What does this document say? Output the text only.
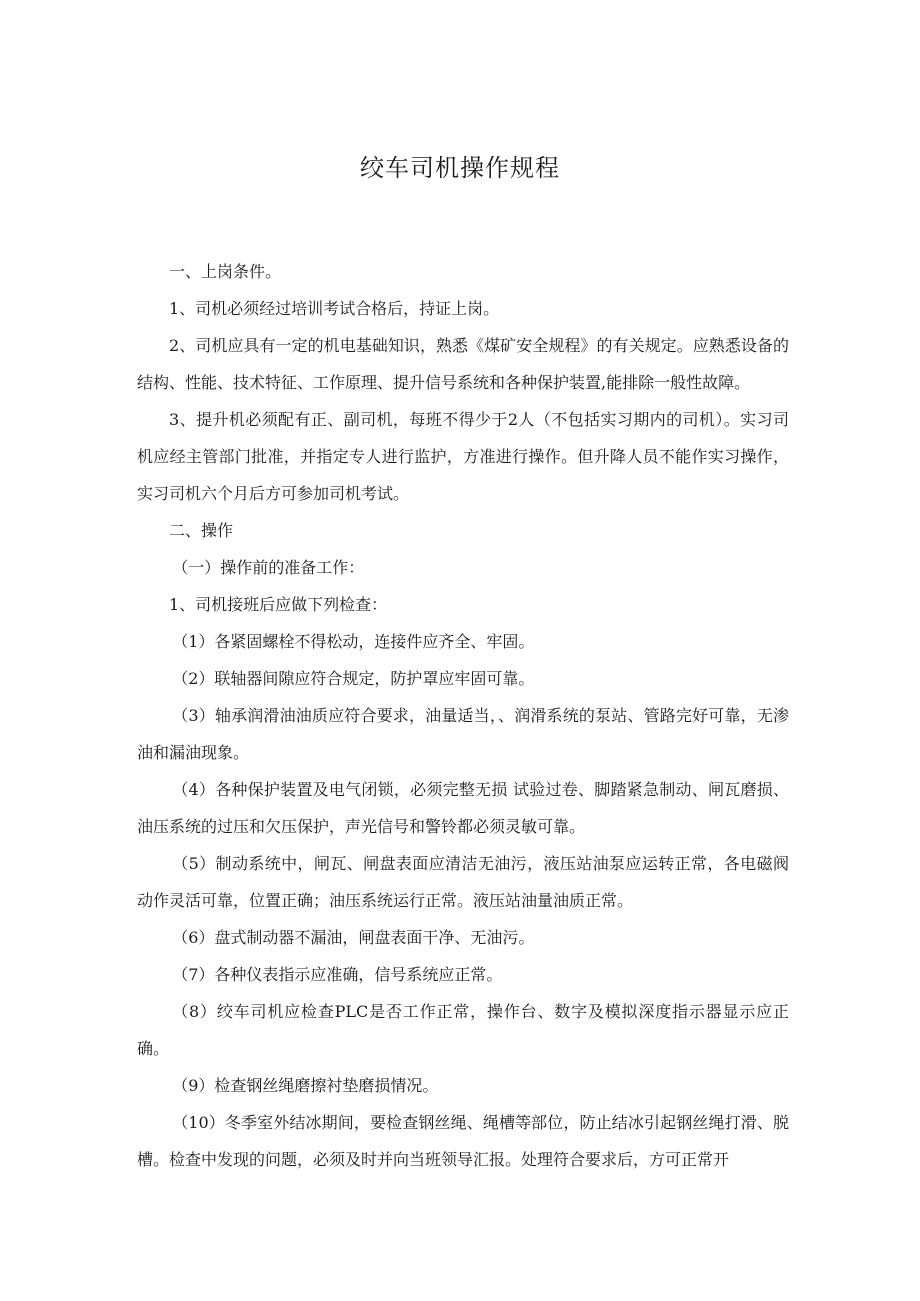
绞车司机操作规程

一、上岗条件。

1、司机必须经过培训考试合格后，持证上岗。

2、司机应具有一定的机电基础知识，熟悉《煤矿安全规程》的有关规定。应熟悉设备的结构、性能、技术特征、工作原理、提升信号系统和各种保护装置,能排除一般性故障。

3、提升机必须配有正、副司机，每班不得少于2人（不包括实习期内的司机）。实习司机应经主管部门批准，并指定专人进行监护，方准进行操作。但升降人员不能作实习操作，实习司机六个月后方可参加司机考试。

二、操作

（一）操作前的准备工作：

1、司机接班后应做下列检查：

（1）各紧固螺栓不得松动，连接件应齐全、牢固。

（2）联轴器间隙应符合规定，防护罩应牢固可靠。

（3）轴承润滑油油质应符合要求，油量适当，、润滑系统的泵站、管路完好可靠，无渗油和漏油现象。

（4）各种保护装置及电气闭锁，必须完整无损 试验过卷、脚踏紧急制动、闸瓦磨损、油压系统的过压和欠压保护，声光信号和警铃都必须灵敏可靠。

（5）制动系统中，闸瓦、闸盘表面应清洁无油污，液压站油泵应运转正常，各电磁阀动作灵活可靠，位置正确；油压系统运行正常。液压站油量油质正常。

（6）盘式制动器不漏油，闸盘表面干净、无油污。

（7）各种仪表指示应准确，信号系统应正常。

（8）绞车司机应检查PLC是否工作正常，操作台、数字及模拟深度指示器显示应正确。

（9）检查钢丝绳磨擦衬垫磨损情况。

（10）冬季室外结冰期间，要检查钢丝绳、绳槽等部位，防止结冰引起钢丝绳打滑、脱槽。检查中发现的问题，必须及时并向当班领导汇报。处理符合要求后，方可正常开
